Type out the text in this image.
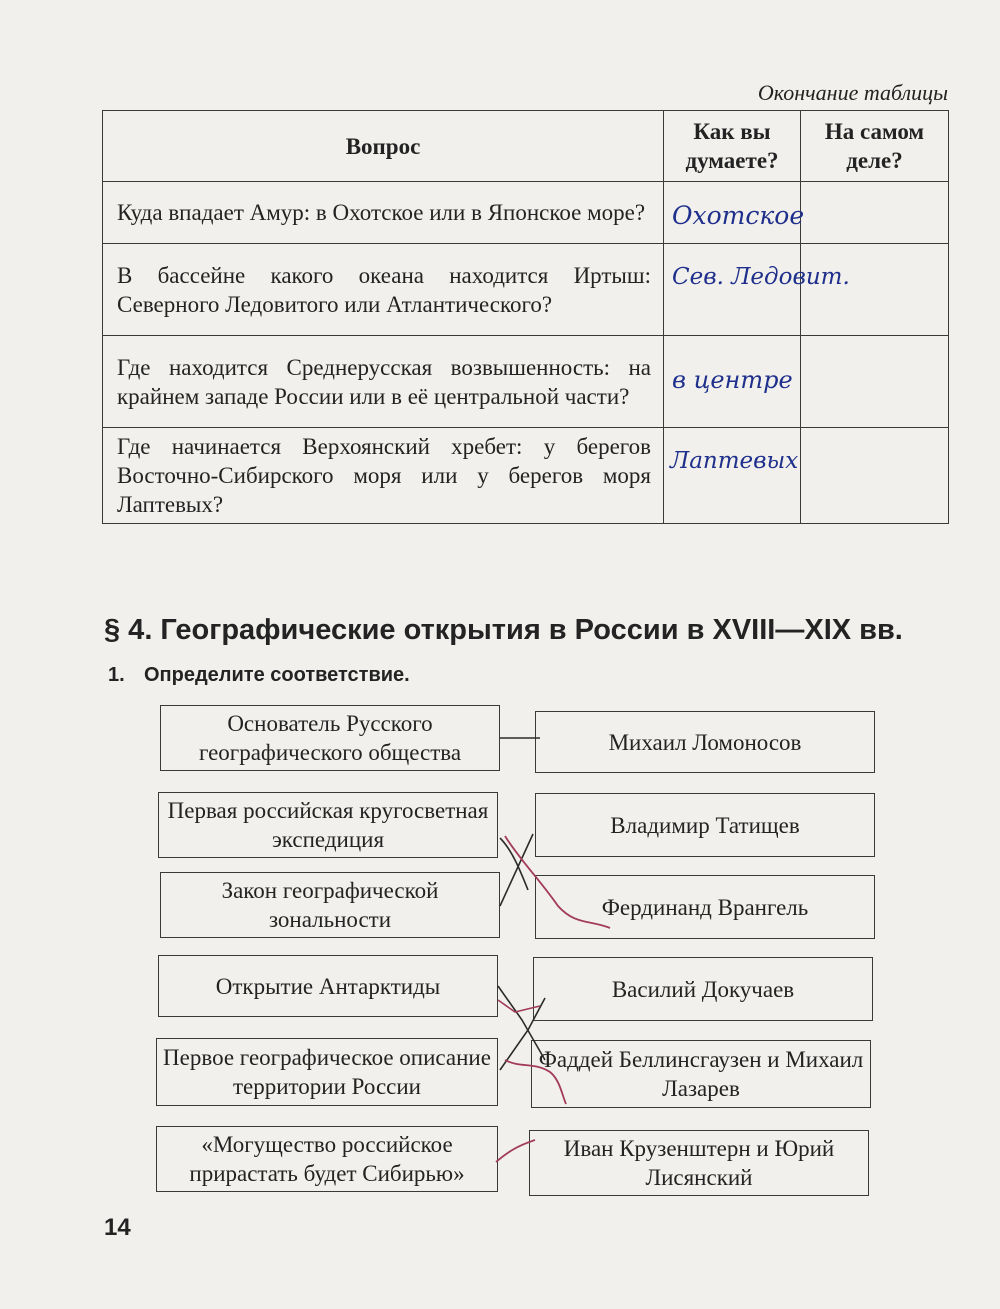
Окончание таблицы
Вопрос	Как вы думаете?	На самом деле?
Куда впадает Амур: в Охотское или в Японское море?	Охотское	

В бассейне какого океана находится Иртыш: Северного Ледовитого или Атлантического?	Сев. Ледовит.	

Где находится Среднерусская возвышенность: на крайнем западе России или в её центральной части?	в центре	

Где начинается Верхоянский хребет: у берегов Восточно-Сибирского моря или у берегов моря Лаптевых?	Лаптевых	

§ 4. Географические открытия в России в XVIII—XIX вв.
1. Определите соответствие.
Основатель Русского географического общества
Первая российская кругосветная экспедиция
Закон географической зональности
Открытие Антарктиды
Первое географическое описание территории России
«Могущество российское прирастать будет Сибирью»
Михаил Ломоносов
Владимир Татищев
Фердинанд Врангель
Василий Докучаев
Фаддей Беллинсгаузен и Михаил Лазарев
Иван Крузенштерн и Юрий Лисянский
14
